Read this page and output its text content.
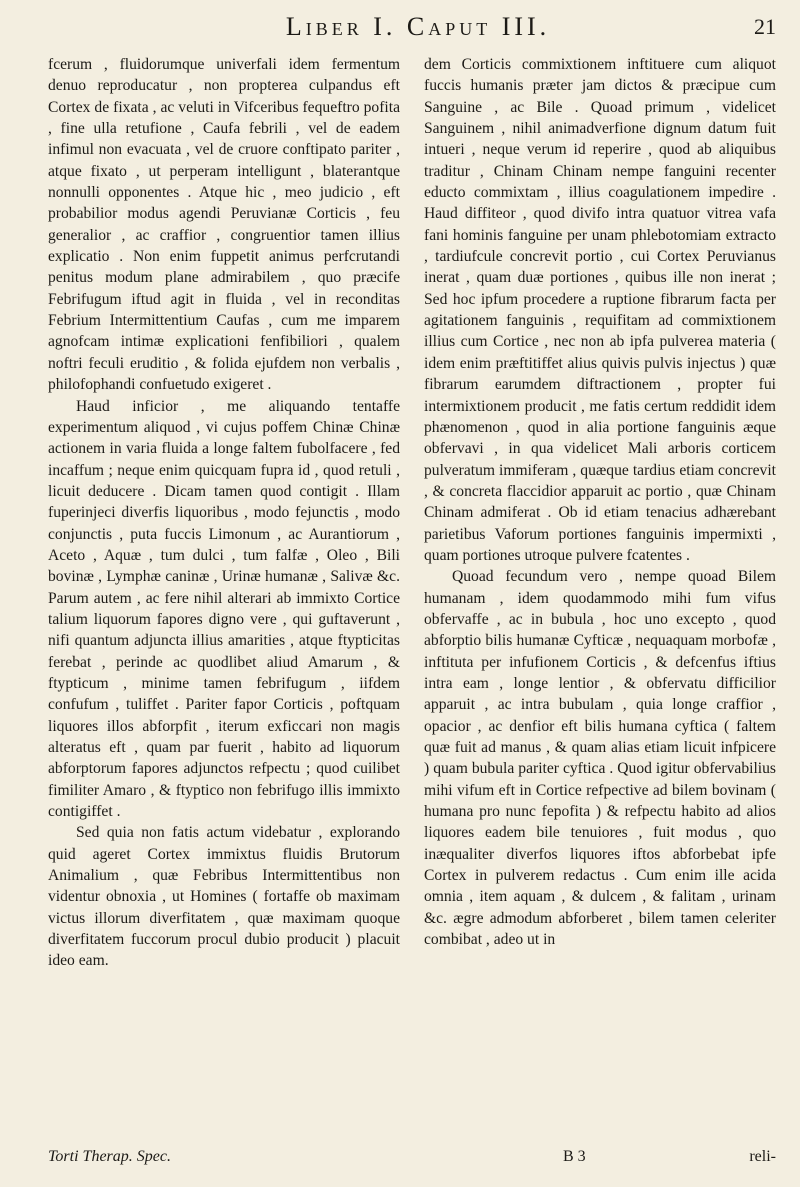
Liber I. Caput III.	21

fcerum , fluidorumque univerfali idem fermentum denuo reproducatur , non propterea culpandus eft Cortex de fixata , ac veluti in Vifceribus fequeftro pofita , fine ulla retufione , Caufa febrili , vel de eadem infimul non evacuata , vel de cruore conftipato pariter , atque fixato , ut perperam intelligunt , blaterantque nonnulli opponentes . Atque hic , meo judicio , eft probabilior modus agendi Peruvianæ Corticis , feu generalior , ac craffior , congruentior tamen illius explicatio . Non enim fuppetit animus perfcrutandi penitus modum plane admirabilem , quo præcife Febrifugum iftud agit in fluida , vel in reconditas Febrium Intermittentium Caufas , cum me imparem agnofcam intimæ explicationi fenfibiliori , qualem noftri feculi eruditio , & folida ejufdem non verbalis , philofophandi confuetudo exigeret .

Haud inficior , me aliquando tentaffe experimentum aliquod , vi cujus poffem Chinæ Chinæ actionem in varia fluida a longe faltem fubolfacere , fed incaffum ; neque enim quicquam fupra id , quod retuli , licuit deducere . Dicam tamen quod contigit . Illam fuperinjeci diverfis liquoribus , modo fejunctis , modo conjunctis , puta fuccis Limonum , ac Aurantiorum , Aceto , Aquæ , tum dulci , tum falfæ , Oleo , Bili bovinæ , Lymphæ caninæ , Urinæ humanæ , Salivæ &c. Parum autem , ac fere nihil alterari ab immixto Cortice talium liquorum fapores digno vere , qui guftaverunt , nifi quantum adjuncta illius amarities , atque ftypticitas ferebat , perinde ac quodlibet aliud Amarum , & ftypticum , minime tamen febrifugum , iifdem confufum , tuliffet . Pariter fapor Corticis , poftquam liquores illos abforpfit , iterum exficcari non magis alteratus eft , quam par fuerit , habito ad liquorum abforptorum fapores adjunctos refpectu ; quod cuilibet fimiliter Amaro , & ftyptico non febrifugo illis immixto contigiffet .

Sed quia non fatis actum videbatur , explorando quid ageret Cortex immixtus fluidis Brutorum Animalium , quæ Febribus Intermittentibus non videntur obnoxia , ut Homines ( fortaffe ob maximam victus illorum diverfitatem , quæ maximam quoque diverfitatem fuccorum procul dubio producit ) placuit ideo eam.

dem Corticis commixtionem inftituere cum aliquot fuccis humanis præter jam dictos & præcipue cum Sanguine , ac Bile . Quoad primum , videlicet Sanguinem , nihil animadverfione dignum datum fuit intueri , neque verum id reperire , quod ab aliquibus traditur , Chinam Chinam nempe fanguini recenter educto commixtam , illius coagulationem impedire . Haud diffiteor , quod divifo intra quatuor vitrea vafa fani hominis fanguine per unam phlebotomiam extracto , tardiufcule concrevit portio , cui Cortex Peruvianus inerat , quam duæ portiones , quibus ille non inerat ; Sed hoc ipfum procedere a ruptione fibrarum facta per agitationem fanguinis , requifitam ad commixtionem illius cum Cortice , nec non ab ipfa pulverea materia ( idem enim præftitiffet alius quivis pulvis injectus ) quæ fibrarum earumdem diftractionem , propter fui intermixtionem producit , me fatis certum reddidit idem phænomenon , quod in alia portione fanguinis æque obfervavi , in qua videlicet Mali arboris corticem pulveratum immiferam , quæque tardius etiam concrevit , & concreta flaccidior apparuit ac portio , quæ Chinam Chinam admiferat . Ob id etiam tenacius adhærebant parietibus Vaforum portiones fanguinis impermixti , quam portiones utroque pulvere fcatentes .

Quoad fecundum vero , nempe quoad Bilem humanam , idem quodammodo mihi fum vifus obfervaffe , ac in bubula , hoc uno excepto , quod abforptio bilis humanæ Cyfticæ , nequaquam morbofæ , inftituta per infufionem Corticis , & defcenfus iftius intra eam , longe lentior , & obfervatu difficilior apparuit , ac intra bubulam , quia longe craffior , opacior , ac denfior eft bilis humana cyftica ( faltem quæ fuit ad manus , & quam alias etiam licuit infpicere ) quam bubula pariter cyftica . Quod igitur obfervabilius mihi vifum eft in Cortice refpective ad bilem bovinam ( humana pro nunc fepofita ) & refpectu habito ad alios liquores eadem bile tenuiores , fuit modus , quo inæqualiter diverfos liquores iftos abforbebat ipfe Cortex in pulverem redactus . Cum enim ille acida omnia , item aquam , & dulcem , & falitam , urinam &c. ægre admodum abforberet , bilem tamen celeriter combibat , adeo ut in

Torti Therap. Spec.	B 3	reli-
